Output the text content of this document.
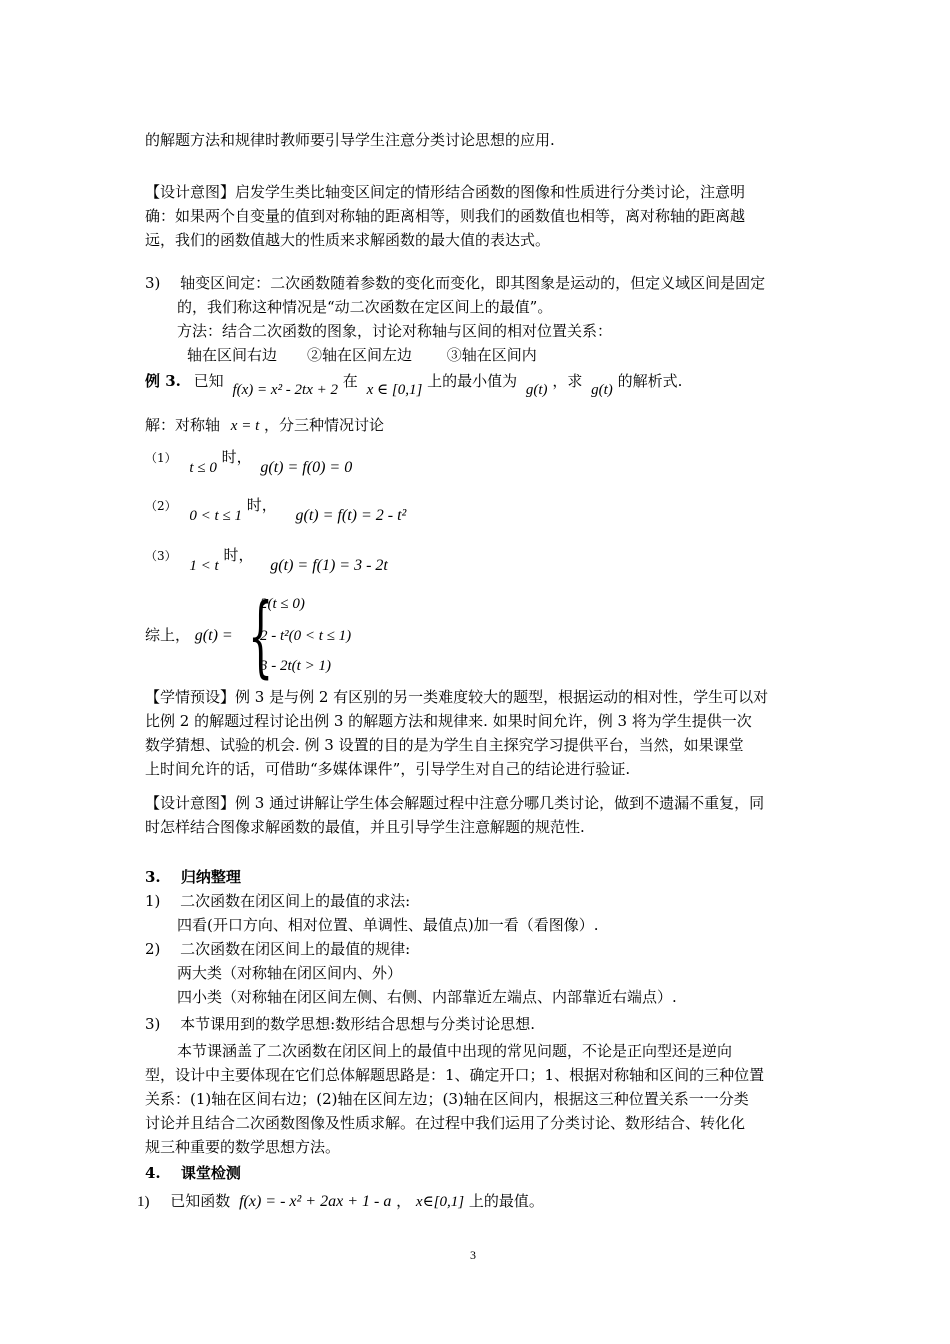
的解题方法和规律时教师要引导学生注意分类讨论思想的应用.
【设计意图】启发学生类比轴变区间定的情形结合函数的图像和性质进行分类讨论，注意明
确：如果两个自变量的值到对称轴的距离相等，则我们的函数值也相等，离对称轴的距离越
远，我们的函数值越大的性质来求解函数的最大值的表达式。
3)　 轴变区间定：二次函数随着参数的变化而变化，即其图象是运动的，但定义域区间是固定
的，我们称这种情况是“动二次函数在定区间上的最值”。
方法：结合二次函数的图象，讨论对称轴与区间的相对位置关系：
轴在区间右边　　②轴在区间左边　　 ③轴在区间内
【学情预设】例 3 是与例 2 有区别的另一类难度较大的题型，根据运动的相对性，学生可以对
比例 2 的解题过程讨论出例 3 的解题方法和规律来. 如果时间允许，例 3 将为学生提供一次
数学猜想、试验的机会. 例 3 设置的目的是为学生自主探究学习提供平台，当然，如果课堂
上时间允许的话，可借助“多媒体课件”，引导学生对自己的结论进行验证.
【设计意图】例 3 通过讲解让学生体会解题过程中注意分哪几类讨论，做到不遗漏不重复，同
时怎样结合图像求解函数的最值，并且引导学生注意解题的规范性.
3.　 归纳整理
1)　 二次函数在闭区间上的最值的求法:
四看(开口方向、相对位置、单调性、最值点)加一看（看图像）.
2)　 二次函数在闭区间上的最值的规律:
两大类（对称轴在闭区间内、外）
四小类（对称轴在闭区间左侧、右侧、内部靠近左端点、内部靠近右端点）.
3)　 本节课用到的数学思想:数形结合思想与分类讨论思想.
本节课涵盖了二次函数在闭区间上的最值中出现的常见问题，不论是正向型还是逆向
型，设计中主要体现在它们总体解题思路是：1、确定开口；1、根据对称轴和区间的三种位置
关系：(1)轴在区间右边；(2)轴在区间左边；(3)轴在区间内，根据这三种位置关系一一分类
讨论并且结合二次函数图像及性质求解。在过程中我们运用了分类讨论、数形结合、转化化
规三种重要的数学思想方法。
4.　 课堂检测
例 3. 已知 f(x) = x² - 2tx + 2 在 x ∈ [0,1] 上的最小值为 g(t) ，求 g(t) 的解析式.
解：对称轴 x = t ，分三种情况讨论
（1） t ≤ 0 时， g(t) = f(0) = 0
（2） 0 < t ≤ 1 时， g(t) = f(t) = 2 - t²
（3） 1 < t 时， g(t) = f(1) = 3 - 2t
综上， g(t) = {
2(t ≤ 0)
2 - t²(0 < t ≤ 1)
3 - 2t(t > 1)
1) 已知函数 f(x) = - x² + 2ax + 1 - a ， x∈[0,1] 上的最值。
3
